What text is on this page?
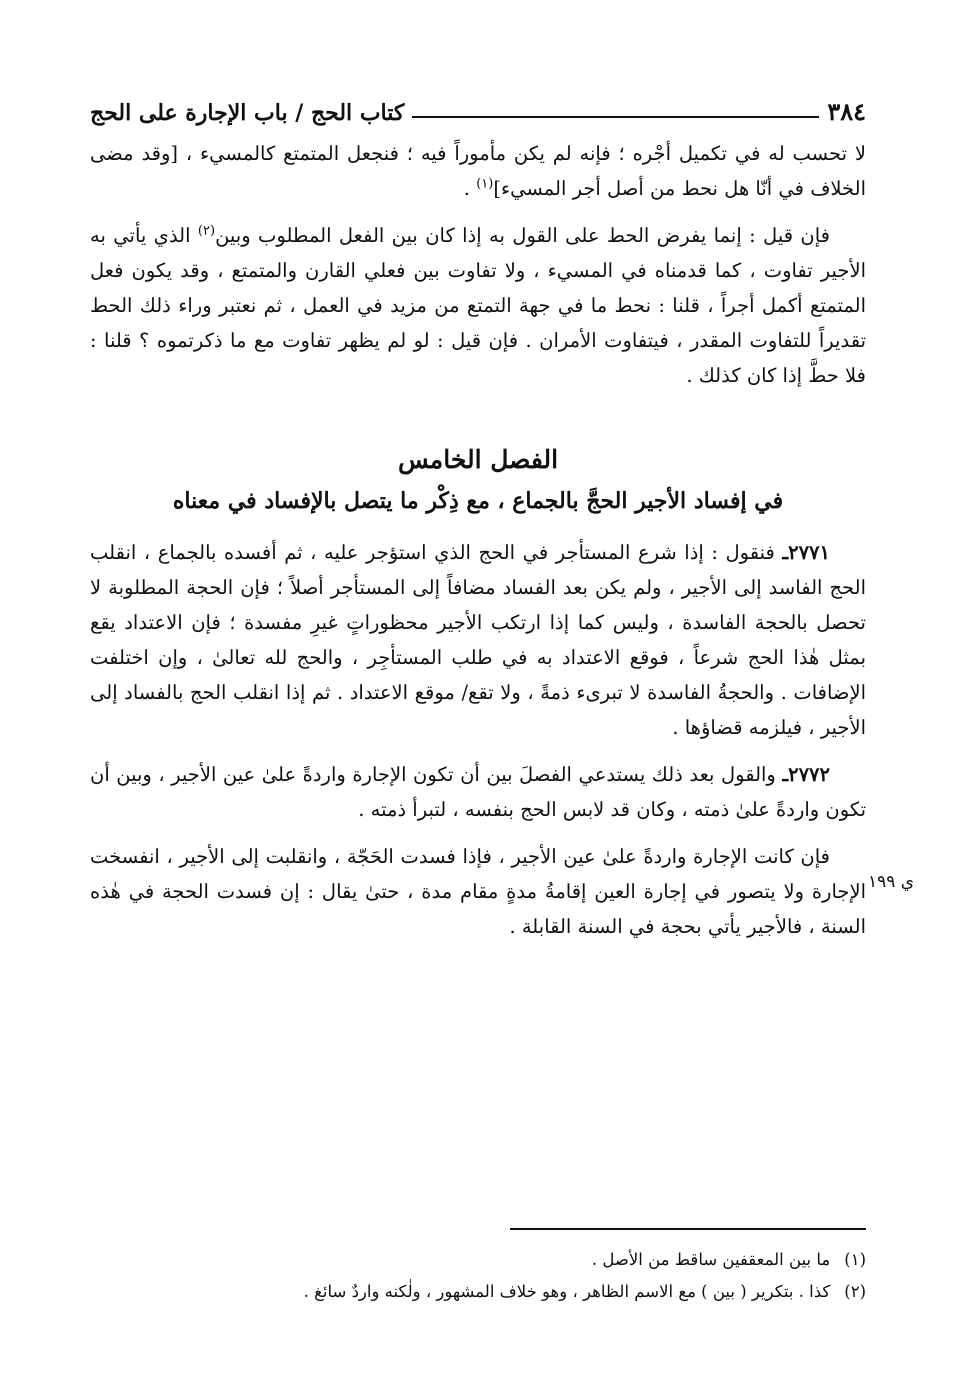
٣٨٤
كتاب الحج / باب الإجارة على الحج

لا تحسب له في تكميل أجْره ؛ فإنه لم يكن مأموراً فيه ؛ فنجعل المتمتع كالمسيء ، [وقد مضى الخلاف في أنّا هل نحط من أصل أجر المسيء]$^{(١)}$ .

فإن قيل : إنما يفرض الحط على القول به إذا كان بين الفعل المطلوب وبين$^{(٢)}$ الذي يأتي به الأجير تفاوت ، كما قدمناه في المسيء ، ولا تفاوت بين فعلي القارن والمتمتع ، وقد يكون فعل المتمتع أكمل أجراً ، قلنا : نحط ما في جهة التمتع من مزيد في العمل ، ثم نعتبر وراء ذلك الحط تقديراً للتفاوت المقدر ، فيتفاوت الأمران . فإن قيل : لو لم يظهر تفاوت مع ما ذكرتموه ؟ قلنا : فلا حطَّ إذا كان كذلك .

الفصل الخامس
في إفساد الأجير الحجَّ بالجماع ، مع ذِكْر ما يتصل بالإفساد في معناه

٢٧٧١ـ فنقول : إذا شرع المستأجر في الحج الذي استؤجر عليه ، ثم أفسده بالجماع ، انقلب الحج الفاسد إلى الأجير ، ولم يكن بعد الفساد مضافاً إلى المستأجر أصلاً ؛ فإن الحجة المطلوبة لا تحصل بالحجة الفاسدة ، وليس كما إذا ارتكب الأجير محظوراتٍ غيرِ مفسدة ؛ فإن الاعتداد يقع بمثل هٰذا الحج شرعاً ، فوقع الاعتداد به في طلب المستأجِر ، والحج لله تعالىٰ ، وإن اختلفت الإضافات . والحجةُ الفاسدة لا تبرىء ذمةً ، ولا تقع/ موقع الاعتداد . ثم إذا انقلب الحج بالفساد إلى الأجير ، فيلزمه قضاؤها .

٢٧٧٢ـ والقول بعد ذلك يستدعي الفصلَ بين أن تكون الإجارة واردةً علىٰ عين الأجير ، وبين أن تكون واردةً علىٰ ذمته ، وكان قد لابس الحج بنفسه ، لتبرأ ذمته .

فإن كانت الإجارة واردةً علىٰ عين الأجير ، فإذا فسدت الحَجّة ، وانقلبت إلى الأجير ، انفسخت الإجارة ولا يتصور في إجارة العين إقامةُ مدةٍ مقام مدة ، حتىٰ يقال : إن فسدت الحجة في هٰذه السنة ، فالأجير يأتي بحجة في السنة القابلة .

ي ١٩٩
(١)
ما بين المعقفين ساقط من الأصل .
(٢)
كذا . بتكرير ( بين ) مع الاسم الظاهر ، وهو خلاف المشهور ، ولٰكنه واردٌ سائغ .
